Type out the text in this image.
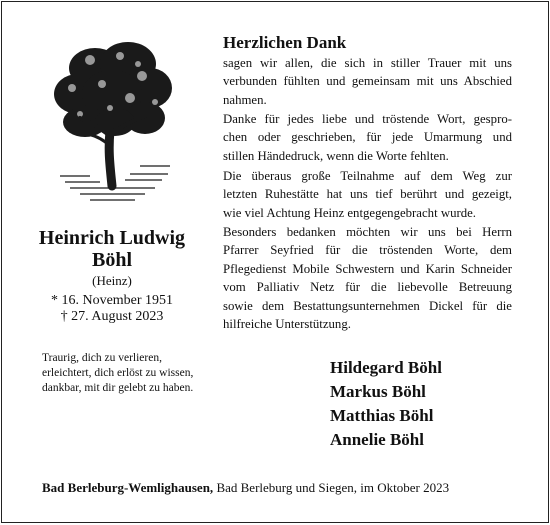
Heinrich Ludwig
Böhl
(Heinz)
* 16. November 1951
† 27. August 2023
Traurig, dich zu verlieren,
erleichtert, dich erlöst zu wissen,
dankbar, mit dir gelebt zu haben.
Herzlichen Dank
sagen wir allen, die sich in stiller Trauer mit uns
verbunden fühlten und gemeinsam mit uns Abschied
nahmen.
Danke für jedes liebe und tröstende Wort, gespro-
chen oder geschrieben, für jede Umarmung und
stillen Händedruck, wenn die Worte fehlten.
Die überaus große Teilnahme auf dem Weg zur
letzten Ruhestätte hat uns tief berührt und gezeigt,
wie viel Achtung Heinz entgegengebracht wurde.
Besonders bedanken möchten wir uns bei Herrn
Pfarrer Seyfried für die tröstenden Worte, dem
Pflegedienst Mobile Schwestern und Karin Schneider
vom Palliativ Netz für die liebevolle Betreuung
sowie dem Bestattungsunternehmen Dickel für die
hilfreiche Unterstützung.
Hildegard Böhl
Markus Böhl
Matthias Böhl
Annelie Böhl
Bad Berleburg-Wemlighausen, Bad Berleburg und Siegen, im Oktober 2023
